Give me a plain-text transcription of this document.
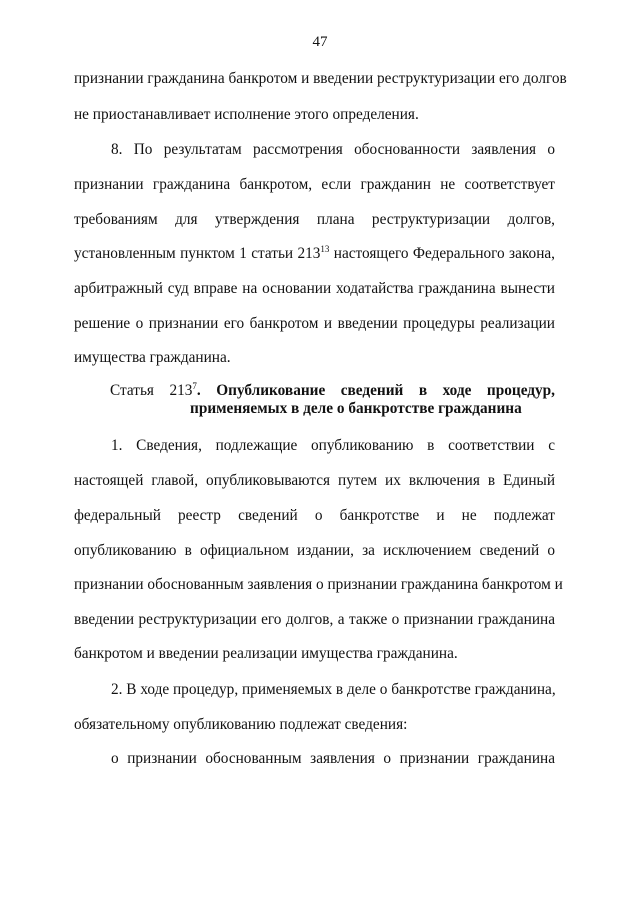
47
признании гражданина банкротом и введении реструктуризации его долгов
не приостанавливает исполнение этого определения.
8. По результатам рассмотрения обоснованности заявления о
признании гражданина банкротом, если гражданин не соответствует
требованиям для утверждения плана реструктуризации долгов,
установленным пунктом 1 статьи $213^{13}$ настоящего Федерального закона,
арбитражный суд вправе на основании ходатайства гражданина вынести
решение о признании его банкротом и введении процедуры реализации
имущества гражданина.
Статья $213^7$. Опубликование сведений в ходе процедур,
применяемых в деле о банкротстве гражданина
1. Сведения, подлежащие опубликованию в соответствии с
настоящей главой, опубликовываются путем их включения в Единый
федеральный реестр сведений о банкротстве и не подлежат
опубликованию в официальном издании, за исключением сведений о
признании обоснованным заявления о признании гражданина банкротом и
введении реструктуризации его долгов, а также о признании гражданина
банкротом и введении реализации имущества гражданина.
2. В ходе процедур, применяемых в деле о банкротстве гражданина,
обязательному опубликованию подлежат сведения:
о признании обоснованным заявления о признании гражданина
